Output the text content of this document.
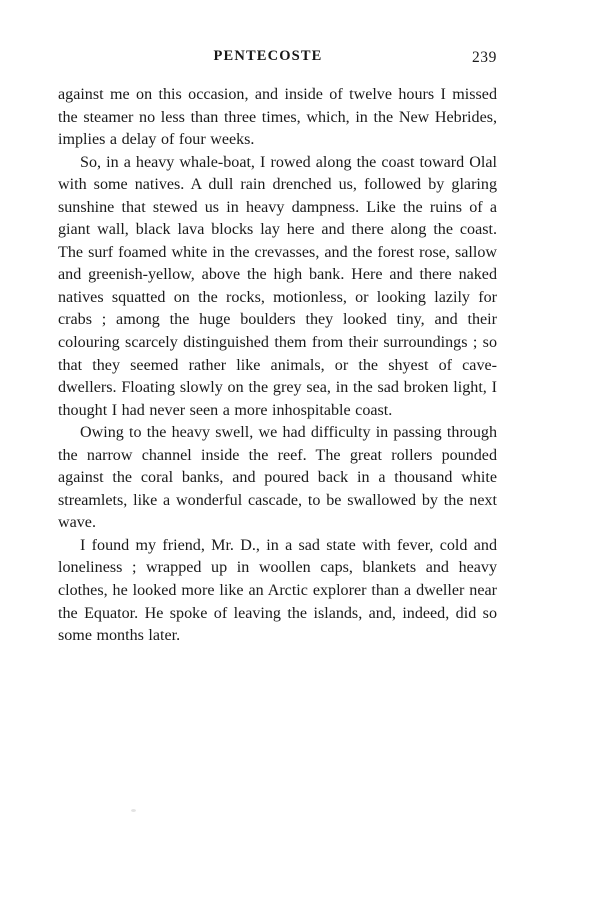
PENTECOSTE	239

against me on this occasion, and inside of twelve hours I missed the steamer no less than three times, which, in the New Hebrides, implies a delay of four weeks.

So, in a heavy whale-boat, I rowed along the coast toward Olal with some natives. A dull rain drenched us, followed by glaring sunshine that stewed us in heavy dampness. Like the ruins of a giant wall, black lava blocks lay here and there along the coast. The surf foamed white in the crevasses, and the forest rose, sallow and greenish-yellow, above the high bank. Here and there naked natives squatted on the rocks, motionless, or looking lazily for crabs ; among the huge boulders they looked tiny, and their colouring scarcely distinguished them from their surroundings ; so that they seemed rather like animals, or the shyest of cave-dwellers. Floating slowly on the grey sea, in the sad broken light, I thought I had never seen a more inhospitable coast.

Owing to the heavy swell, we had difficulty in passing through the narrow channel inside the reef. The great rollers pounded against the coral banks, and poured back in a thousand white streamlets, like a wonderful cascade, to be swallowed by the next wave.

I found my friend, Mr. D., in a sad state with fever, cold and loneliness ; wrapped up in woollen caps, blankets and heavy clothes, he looked more like an Arctic explorer than a dweller near the Equator. He spoke of leaving the islands, and, indeed, did so some months later.
